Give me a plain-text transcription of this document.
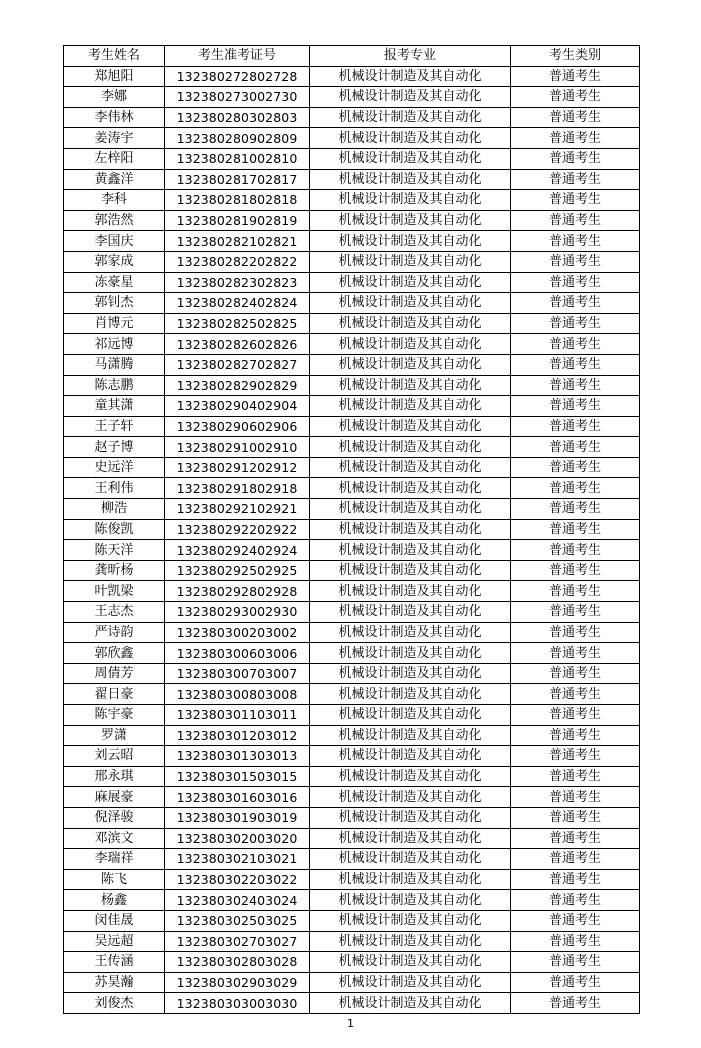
考生姓名	考生准考证号	报考专业	考生类别
郑旭阳	132380272802728	机械设计制造及其自动化	普通考生
李娜	132380273002730	机械设计制造及其自动化	普通考生
李伟林	132380280302803	机械设计制造及其自动化	普通考生
姜涛宇	132380280902809	机械设计制造及其自动化	普通考生
左梓阳	132380281002810	机械设计制造及其自动化	普通考生
黄鑫洋	132380281702817	机械设计制造及其自动化	普通考生
李科	132380281802818	机械设计制造及其自动化	普通考生
郭浩然	132380281902819	机械设计制造及其自动化	普通考生
李国庆	132380282102821	机械设计制造及其自动化	普通考生
郭家成	132380282202822	机械设计制造及其自动化	普通考生
冻豪星	132380282302823	机械设计制造及其自动化	普通考生
郭钊杰	132380282402824	机械设计制造及其自动化	普通考生
肖博元	132380282502825	机械设计制造及其自动化	普通考生
祁远博	132380282602826	机械设计制造及其自动化	普通考生
马潇腾	132380282702827	机械设计制造及其自动化	普通考生
陈志鹏	132380282902829	机械设计制造及其自动化	普通考生
童其潇	132380290402904	机械设计制造及其自动化	普通考生
王子轩	132380290602906	机械设计制造及其自动化	普通考生
赵子博	132380291002910	机械设计制造及其自动化	普通考生
史远洋	132380291202912	机械设计制造及其自动化	普通考生
王利伟	132380291802918	机械设计制造及其自动化	普通考生
柳浩	132380292102921	机械设计制造及其自动化	普通考生
陈俊凯	132380292202922	机械设计制造及其自动化	普通考生
陈天洋	132380292402924	机械设计制造及其自动化	普通考生
龚昕杨	132380292502925	机械设计制造及其自动化	普通考生
叶凯梁	132380292802928	机械设计制造及其自动化	普通考生
王志杰	132380293002930	机械设计制造及其自动化	普通考生
严诗韵	132380300203002	机械设计制造及其自动化	普通考生
郭欣鑫	132380300603006	机械设计制造及其自动化	普通考生
周倩芳	132380300703007	机械设计制造及其自动化	普通考生
翟日豪	132380300803008	机械设计制造及其自动化	普通考生
陈宇豪	132380301103011	机械设计制造及其自动化	普通考生
罗潇	132380301203012	机械设计制造及其自动化	普通考生
刘云昭	132380301303013	机械设计制造及其自动化	普通考生
邢永琪	132380301503015	机械设计制造及其自动化	普通考生
麻展豪	132380301603016	机械设计制造及其自动化	普通考生
倪泽骏	132380301903019	机械设计制造及其自动化	普通考生
邓滨文	132380302003020	机械设计制造及其自动化	普通考生
李瑞祥	132380302103021	机械设计制造及其自动化	普通考生
陈飞	132380302203022	机械设计制造及其自动化	普通考生
杨鑫	132380302403024	机械设计制造及其自动化	普通考生
闵佳晟	132380302503025	机械设计制造及其自动化	普通考生
吴远超	132380302703027	机械设计制造及其自动化	普通考生
王传涵	132380302803028	机械设计制造及其自动化	普通考生
苏昊瀚	132380302903029	机械设计制造及其自动化	普通考生
刘俊杰	132380303003030	机械设计制造及其自动化	普通考生
1
